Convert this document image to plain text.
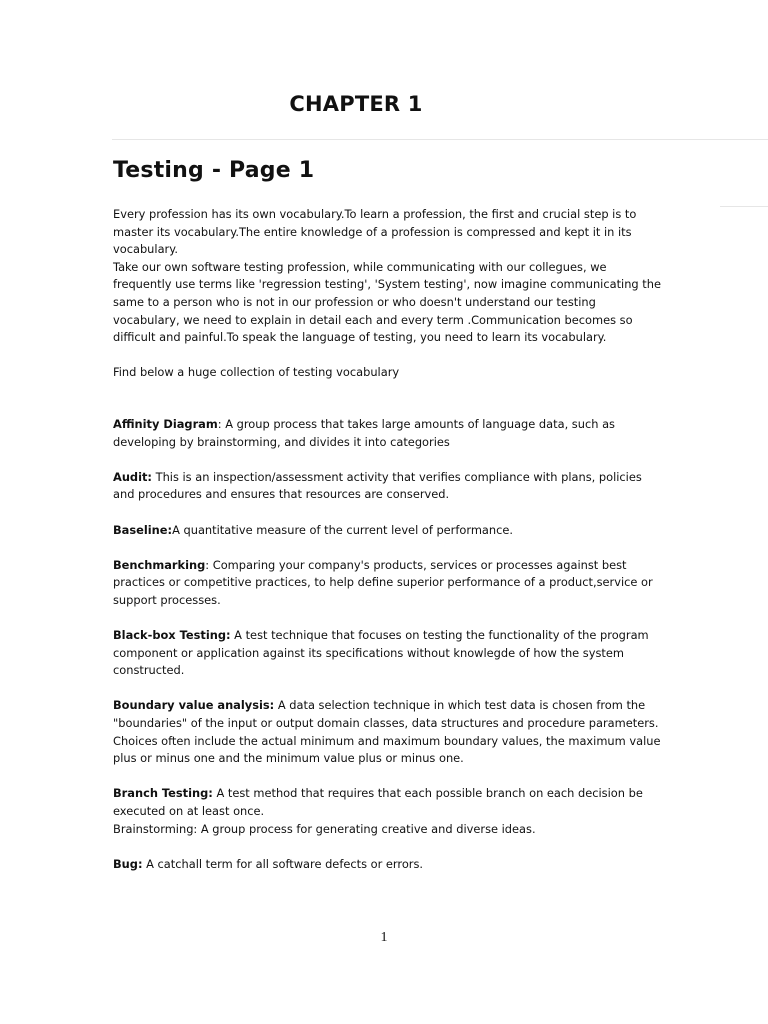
CHAPTER 1
Testing - Page 1

Every profession has its own vocabulary.To learn a profession, the first and crucial step is to master its vocabulary.The entire knowledge of a profession is compressed and kept it in its vocabulary.

Take our own software testing profession, while communicating with our collegues, we frequently use terms like 'regression testing', 'System testing', now imagine communicating the same to a person who is not in our profession or who doesn't understand our testing vocabulary, we need to explain in detail each and every term .Communication becomes so difficult and painful.To speak the language of testing, you need to learn its vocabulary.

Find below a huge collection of testing vocabulary

Affinity Diagram: A group process that takes large amounts of language data, such as developing by brainstorming, and divides it into categories

Audit: This is an inspection/assessment activity that verifies compliance with plans, policies and procedures and ensures that resources are conserved.

Baseline:A quantitative measure of the current level of performance.

Benchmarking: Comparing your company's products, services or processes against best practices or competitive practices, to help define superior performance of a product,service or support processes.

Black-box Testing: A test technique that focuses on testing the functionality of the program component or application against its specifications without knowlegde of how the system constructed.

Boundary value analysis: A data selection technique in which test data is chosen from the "boundaries" of the input or output domain classes, data structures and procedure parameters. Choices often include the actual minimum and maximum boundary values, the maximum value plus or minus one and the minimum value plus or minus one.

Branch Testing: A test method that requires that each possible branch on each decision be executed on at least once.

Brainstorming: A group process for generating creative and diverse ideas.

Bug: A catchall term for all software defects or errors.

1
